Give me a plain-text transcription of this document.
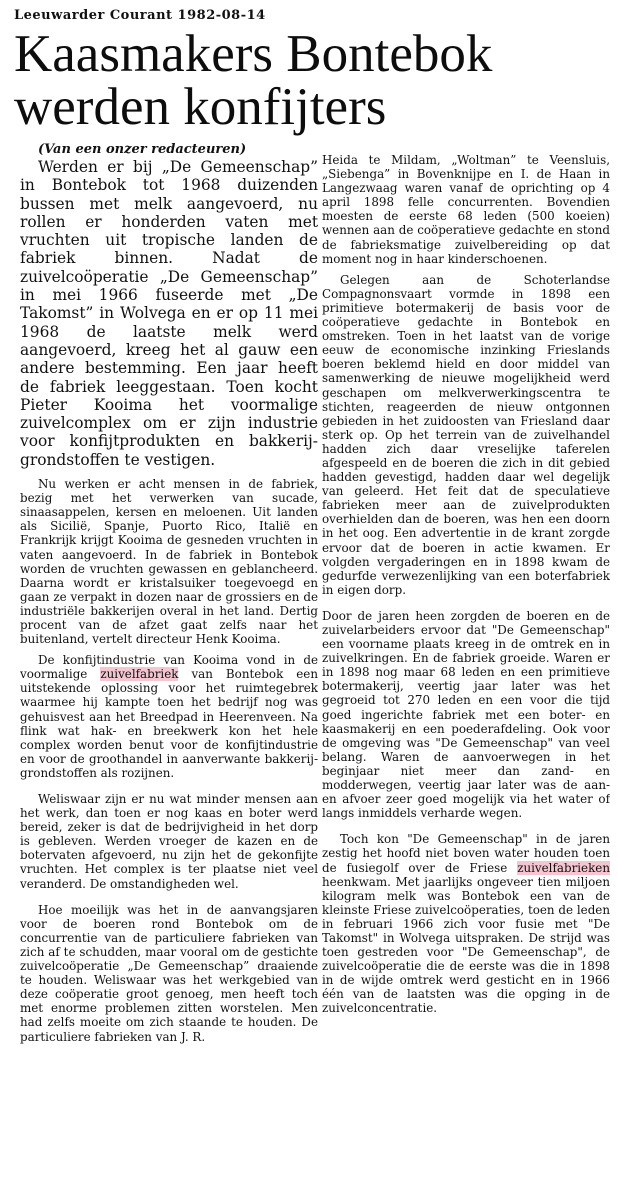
Leeuwarder Courant 1982-08-14
Kaasmakers Bontebok
werden konfijters
(Van een onzer redacteuren)

Werden er bij „De Gemeenschap” in Bontebok tot 1968 duizenden bussen met melk aangevoerd, nu rollen er honderden vaten met vruchten uit tropische landen de fabriek binnen. Nadat de zuivelcoöperatie „De Gemeenschap” in mei 1966 fuseerde met „De Takomst” in Wolvega en er op 11 mei 1968 de laatste melk werd aangevoerd, kreeg het al gauw een andere bestemming. Een jaar heeft de fabriek leeggestaan. Toen kocht Pieter Kooima het voormalige zuivelcomplex om er zijn industrie voor konfijtprodukten en bakkerij-grondstoffen te vestigen.

Nu werken er acht mensen in de fabriek, bezig met het verwerken van sucade, sinaasappelen, kersen en meloenen. Uit landen als Sicilië, Spanje, Puorto Rico, Italië en Frankrijk krijgt Kooima de gesneden vruchten in vaten aangevoerd. In de fabriek in Bontebok worden de vruchten gewassen en geblancheerd. Daarna wordt er kristalsuiker toegevoegd en gaan ze verpakt in dozen naar de grossiers en de industriële bakkerijen overal in het land. Dertig procent van de afzet gaat zelfs naar het buitenland, vertelt directeur Henk Kooima.

De konfijtindustrie van Kooima vond in de voormalige zuivelfabriek van Bontebok een uitstekende oplossing voor het ruimtegebrek waarmee hij kampte toen het bedrijf nog was gehuisvest aan het Breedpad in Heerenveen. Na flink wat hak- en breekwerk kon het hele complex worden benut voor de konfijtindustrie en voor de groothandel in aanverwante bakkerij-grondstoffen als rozijnen.

Weliswaar zijn er nu wat minder mensen aan het werk, dan toen er nog kaas en boter werd bereid, zeker is dat de bedrijvigheid in het dorp is gebleven. Werden vroeger de kazen en de botervaten afgevoerd, nu zijn het de gekonfijte vruchten. Het complex is ter plaatse niet veel veranderd. De omstandigheden wel.

Hoe moeilijk was het in de aanvangsjaren voor de boeren rond Bontebok om de concurrentie van de particuliere fabrieken van zich af te schudden, maar vooral om de gestichte zuivelcoöperatie „De Gemeenschap” draaiende te houden. Weliswaar was het werkgebied van deze coöperatie groot genoeg, men heeft toch met enorme problemen zitten worstelen. Men had zelfs moeite om zich staande te houden. De particuliere fabrieken van J. R.

Heida te Mildam, „Woltman” te Veensluis, „Siebenga” in Bovenknijpe en I. de Haan in Langezwaag waren vanaf de oprichting op 4 april 1898 felle concurrenten. Bovendien moesten de eerste 68 leden (500 koeien) wennen aan de coöperatieve gedachte en stond de fabrieksmatige zuivelbereiding op dat moment nog in haar kinderschoenen.

Gelegen aan de Schoterlandse Compagnonsvaart vormde in 1898 een primitieve botermakerij de basis voor de coöperatieve gedachte in Bontebok en omstreken. Toen in het laatst van de vorige eeuw de economische inzinking Frieslands boeren beklemd hield en door middel van samenwerking de nieuwe mogelijkheid werd geschapen om melkverwerkingscentra te stichten, reageerden de nieuw ontgonnen gebieden in het zuidoosten van Friesland daar sterk op. Op het terrein van de zuivelhandel hadden zich daar vreselijke taferelen afgespeeld en de boeren die zich in dit gebied hadden gevestigd, hadden daar wel degelijk van geleerd. Het feit dat de speculatieve fabrieken meer aan de zuivelprodukten overhielden dan de boeren, was hen een doorn in het oog. Een advertentie in de krant zorgde ervoor dat de boeren in actie kwamen. Er volgden vergaderingen en in 1898 kwam de gedurfde verwezenlijking van een boterfabriek in eigen dorp.

Door de jaren heen zorgden de boeren en de zuivelarbeiders ervoor dat "De Gemeenschap" een voorname plaats kreeg in de omtrek en in zuivelkringen. En de fabriek groeide. Waren er in 1898 nog maar 68 leden en een primitieve botermakerij, veertig jaar later was het gegroeid tot 270 leden en een voor die tijd goed ingerichte fabriek met een boter- en kaasmakerij en een poederafdeling. Ook voor de omgeving was "De Gemeenschap" van veel belang. Waren de aanvoerwegen in het beginjaar niet meer dan zand- en modderwegen, veertig jaar later was de aan- en afvoer zeer goed mogelijk via het water of langs inmiddels verharde wegen.

Toch kon "De Gemeenschap" in de jaren zestig het hoofd niet boven water houden toen de fusiegolf over de Friese zuivelfabrieken heenkwam. Met jaarlijks ongeveer tien miljoen kilogram melk was Bontebok een van de kleinste Friese zuivelcoöperaties, toen de leden in februari 1966 zich voor fusie met "De Takomst" in Wolvega uitspraken. De strijd was toen gestreden voor "De Gemeenschap", de zuivelcoöperatie die de eerste was die in 1898 in de wijde omtrek werd gesticht en in 1966 één van de laatsten was die opging in de zuivelconcentratie.
